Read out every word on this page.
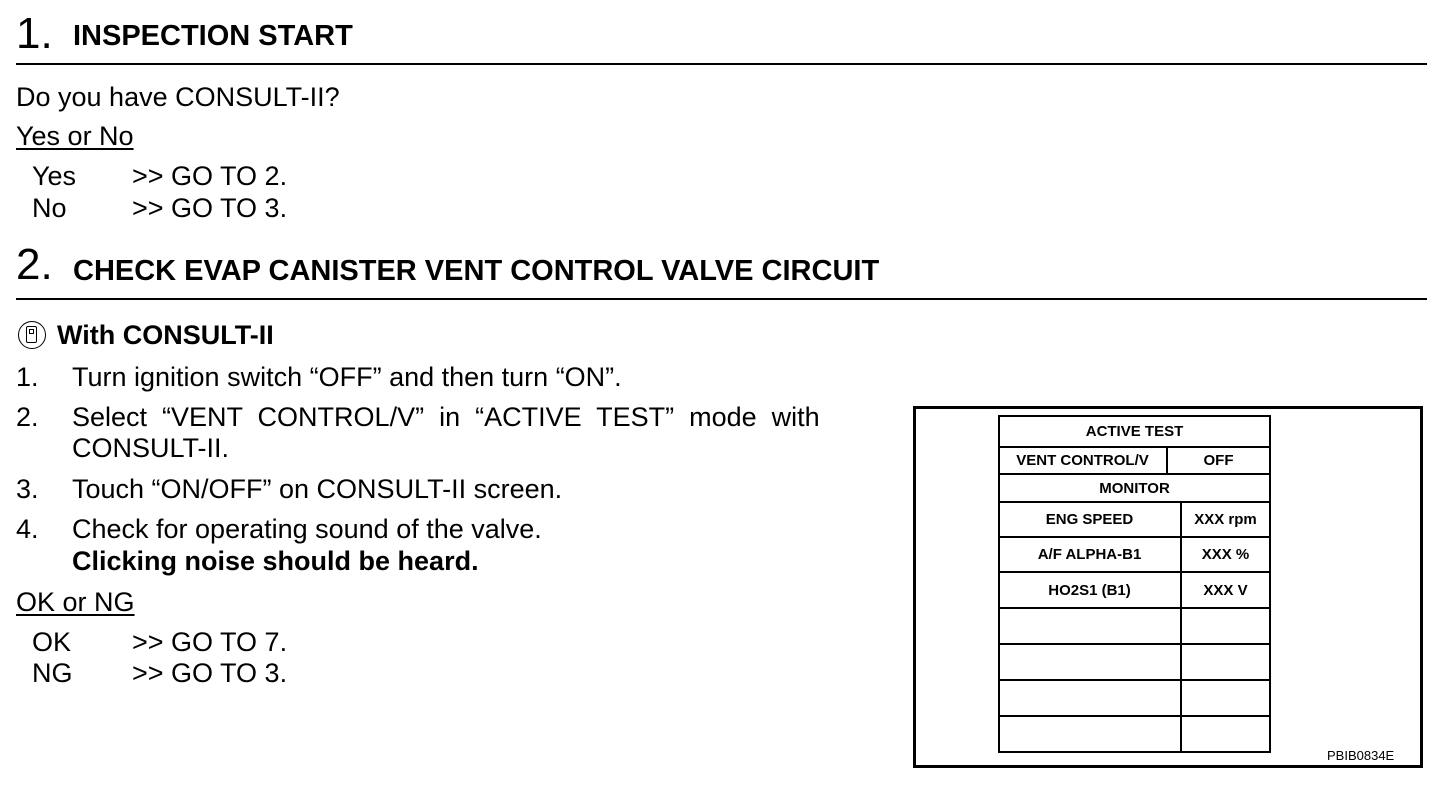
1. INSPECTION START
Do you have CONSULT-II?
Yes or No
Yes >> GO TO 2.
No >> GO TO 3.
2. CHECK EVAP CANISTER VENT CONTROL VALVE CIRCUIT
With CONSULT-II
1. Turn ignition switch “OFF” and then turn “ON”.
2. Select  “VENT  CONTROL/V”  in  “ACTIVE  TEST”  mode  with
CONSULT-II.
3. Touch “ON/OFF” on CONSULT-II screen.
4. Check for operating sound of the valve.
Clicking noise should be heard.
OK or NG
OK >> GO TO 7.
NG >> GO TO 3.
ACTIVE TEST
VENT CONTROL/V	OFF
MONITOR
ENG SPEED	XXX rpm
A/F ALPHA-B1	XXX %
HO2S1 (B1)	XXX V
PBIB0834E
